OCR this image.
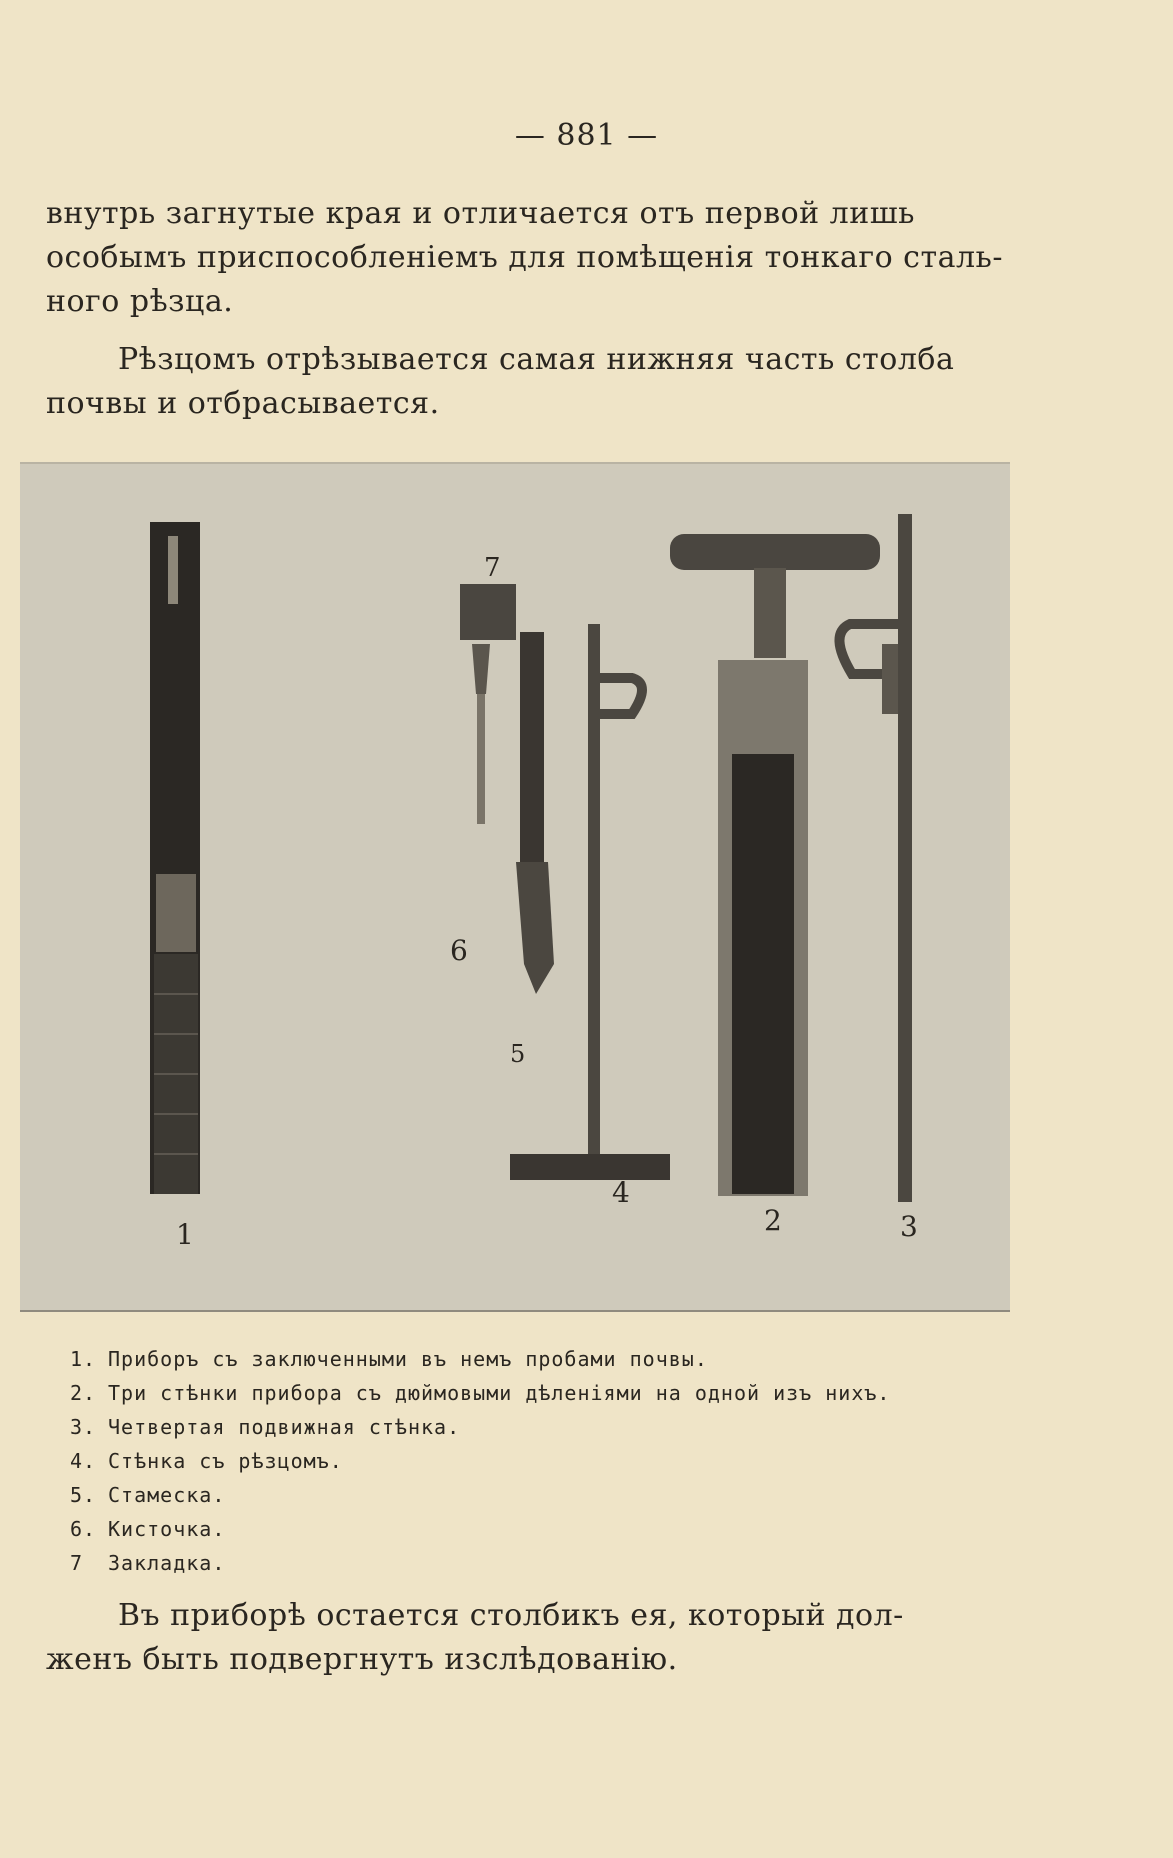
— 881 —
внутрь загнутые края и отличается отъ первой лишь
особымъ приспособленіемъ для помѣщенія тонкаго сталь-
ного рѣзца.
Рѣзцомъ отрѣзывается самая нижняя часть столба
почвы и отбрасывается.
1	2	3
4
5
6
7
1. Приборъ съ заключенными въ немъ пробами почвы.
2. Три стѣнки прибора съ дюймовыми дѣленіями на одной изъ нихъ.
3. Четвертая подвижная стѣнка.
4. Стѣнка съ рѣзцомъ.
5. Стамеска.
6. Кисточка.
7 Закладка.
Въ приборѣ остается столбикъ ея, который дол-
женъ быть подвергнутъ изслѣдованію.
